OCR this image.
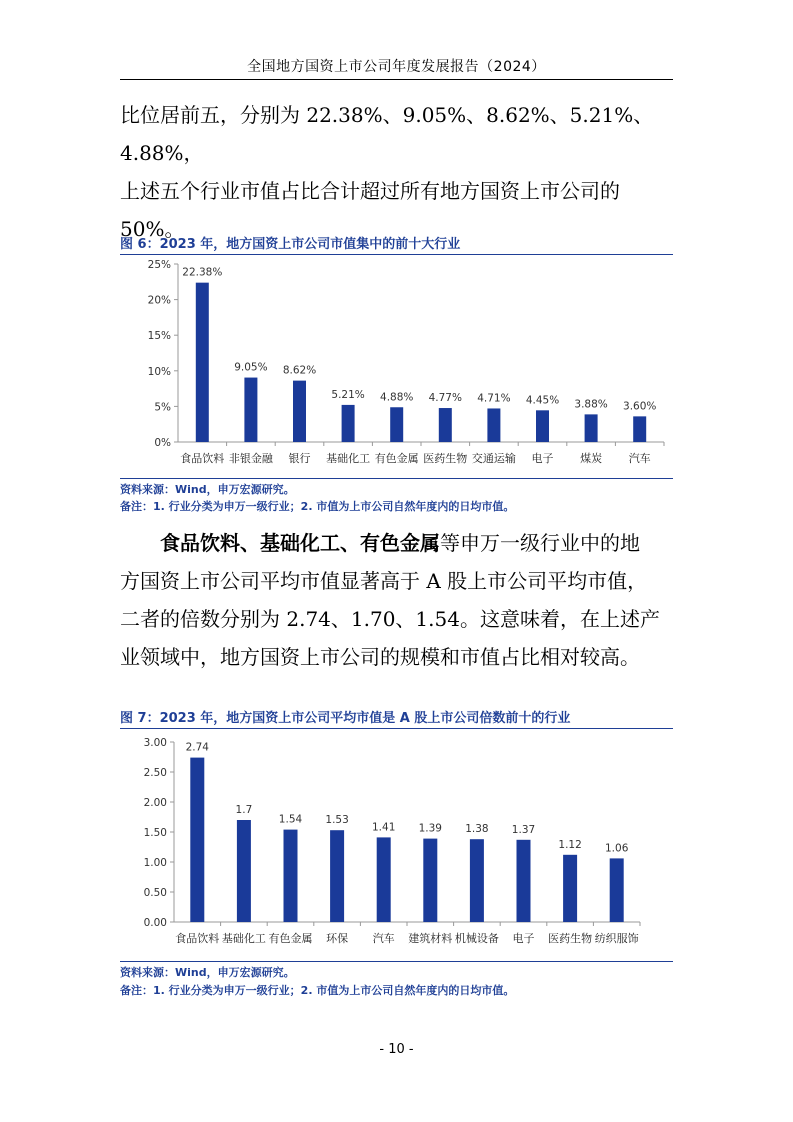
全国地方国资上市公司年度发展报告（2024）

比位居前五，分别为 22.38%、9.05%、8.62%、5.21%、4.88%，

上述五个行业市值占比合计超过所有地方国资上市公司的

50%。

图 6：2023 年，地方国资上市公司市值集中的前十大行业
0%
5%
10%
15%
20%
25%
22.38%
食品饮料
9.05%
非银金融
8.62%
银行
5.21%
基础化工
4.88%
有色金属
4.77%
医药生物
4.71%
交通运输
4.45%
电子
3.88%
煤炭
3.60%
汽车
资料来源：Wind，申万宏源研究。
备注：1. 行业分类为申万一级行业；2. 市值为上市公司自然年度内的日均市值。

食品饮料、基础化工、有色金属等申万一级行业中的地

方国资上市公司平均市值显著高于 A 股上市公司平均市值，

二者的倍数分别为 2.74、1.70、1.54。这意味着，在上述产

业领域中，地方国资上市公司的规模和市值占比相对较高。

图 7：2023 年，地方国资上市公司平均市值是 A 股上市公司倍数前十的行业
0.00
0.50
1.00
1.50
2.00
2.50
3.00 2.74
食品饮料
1.7
基础化工
1.54
有色金属
1.53
环保
1.41
汽车
1.39
建筑材料
1.38
机械设备
1.37
电子
1.12
医药生物
1.06
纺织服饰
资料来源：Wind，申万宏源研究。
备注：1. 行业分类为申万一级行业；2. 市值为上市公司自然年度内的日均市值。
- 10 -
